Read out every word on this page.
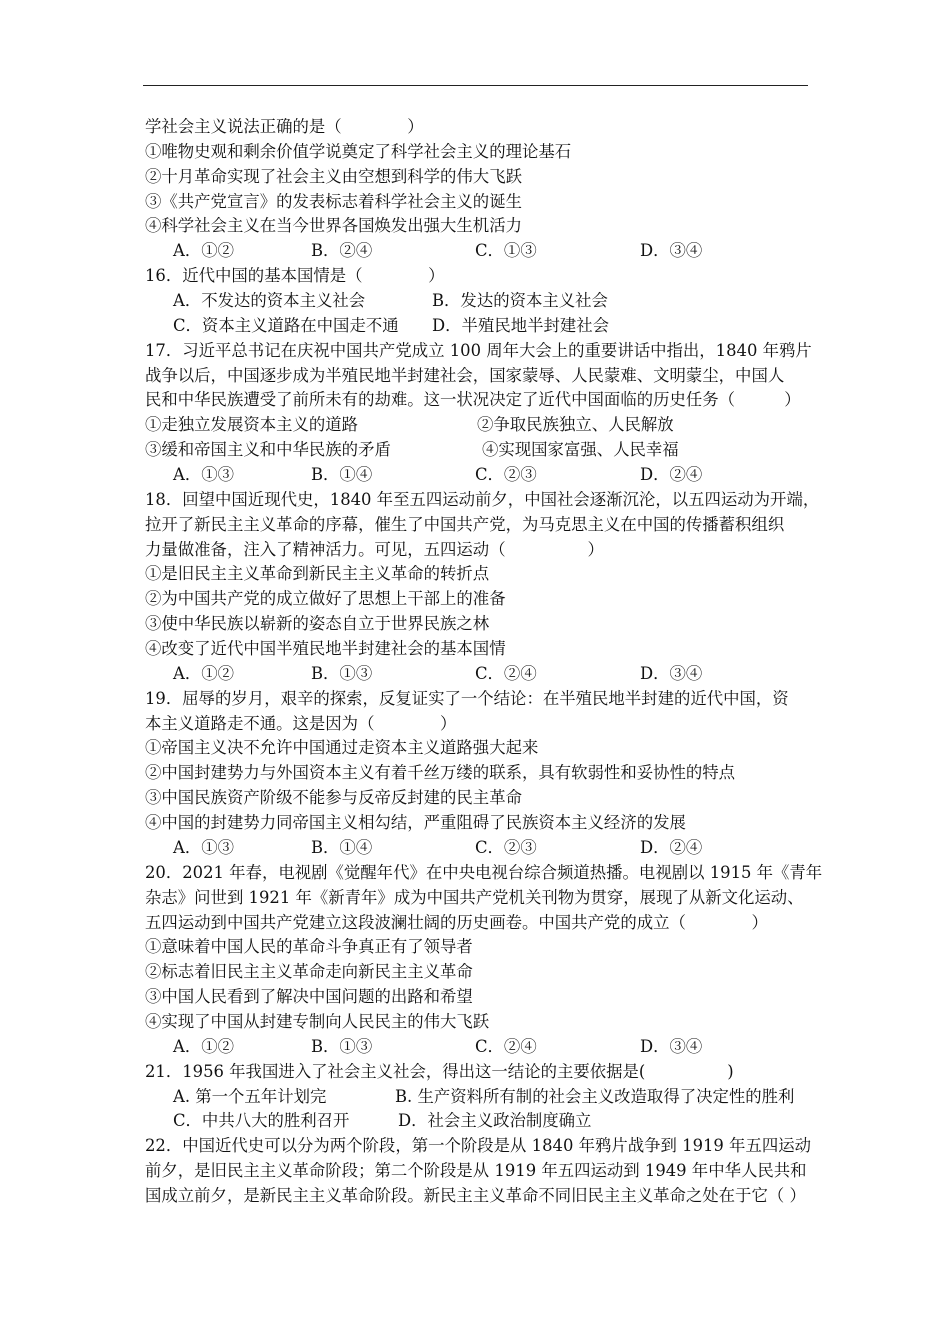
学社会主义说法正确的是（　　　　）
①唯物史观和剩余价值学说奠定了科学社会主义的理论基石
②十月革命实现了社会主义由空想到科学的伟大飞跃
③《共产党宣言》的发表标志着科学社会主义的诞生
④科学社会主义在当今世界各国焕发出强大生机活力

A．①②

	B．②④

	C．①③

	D．③④

16．近代中国的基本国情是（　　　　）

A．不发达的资本主义社会

	B．发达的资本主义社会

C．资本主义道路在中国走不通

D．半殖民地半封建社会

17．习近平总书记在庆祝中国共产党成立 100 周年大会上的重要讲话中指出，1840 年鸦片
战争以后，中国逐步成为半殖民地半封建社会，国家蒙辱、人民蒙难、文明蒙尘，中国人
民和中华民族遭受了前所未有的劫难。这一状况决定了近代中国面临的历史任务（　　　）

①走独立发展资本主义的道路

	②争取民族独立、人民解放

③缓和帝国主义和中华民族的矛盾

	④实现国家富强、人民幸福

A．①③

	B．①④

	C．②③

	D．②④

18．回望中国近现代史，1840 年至五四运动前夕，中国社会逐渐沉沦，以五四运动为开端，
拉开了新民主主义革命的序幕，催生了中国共产党，为马克思主义在中国的传播蓄积组织
力量做准备，注入了精神活力。可见，五四运动（　　　　　）
①是旧民主主义革命到新民主主义革命的转折点
②为中国共产党的成立做好了思想上干部上的准备
③使中华民族以崭新的姿态自立于世界民族之林
④改变了近代中国半殖民地半封建社会的基本国情

A．①②

	B．①③

	C．②④

	D．③④

19．屈辱的岁月，艰辛的探索，反复证实了一个结论：在半殖民地半封建的近代中国，资
本主义道路走不通。这是因为（　　　　）
①帝国主义决不允许中国通过走资本主义道路强大起来
②中国封建势力与外国资本主义有着千丝万缕的联系，具有软弱性和妥协性的特点
③中国民族资产阶级不能参与反帝反封建的民主革命
④中国的封建势力同帝国主义相勾结，严重阻碍了民族资本主义经济的发展

A．①③

	B．①④

	C．②③

	D．②④

20．2021 年春，电视剧《觉醒年代》在中央电视台综合频道热播。电视剧以 1915 年《青年
杂志》问世到 1921 年《新青年》成为中国共产党机关刊物为贯穿，展现了从新文化运动、
五四运动到中国共产党建立这段波澜壮阔的历史画卷。中国共产党的成立（　　　　）
①意味着中国人民的革命斗争真正有了领导者
②标志着旧民主主义革命走向新民主主义革命
③中国人民看到了解决中国问题的出路和希望
④实现了中国从封建专制向人民民主的伟大飞跃

A．①②

	B．①③

	C．②④

	D．③④

21．1956 年我国进入了社会主义社会，得出这一结论的主要依据是(　　　　　)

A. 第一个五年计划完

	B. 生产资料所有制的社会主义改造取得了决定性的胜利

C．中共八大的胜利召开

	D．社会主义政治制度确立

22．中国近代史可以分为两个阶段，第一个阶段是从 1840 年鸦片战争到 1919 年五四运动
前夕，是旧民主主义革命阶段；第二个阶段是从 1919 年五四运动到 1949 年中华人民共和
国成立前夕，是新民主主义革命阶段。新民主主义革命不同旧民主主义革命之处在于它（ ）
